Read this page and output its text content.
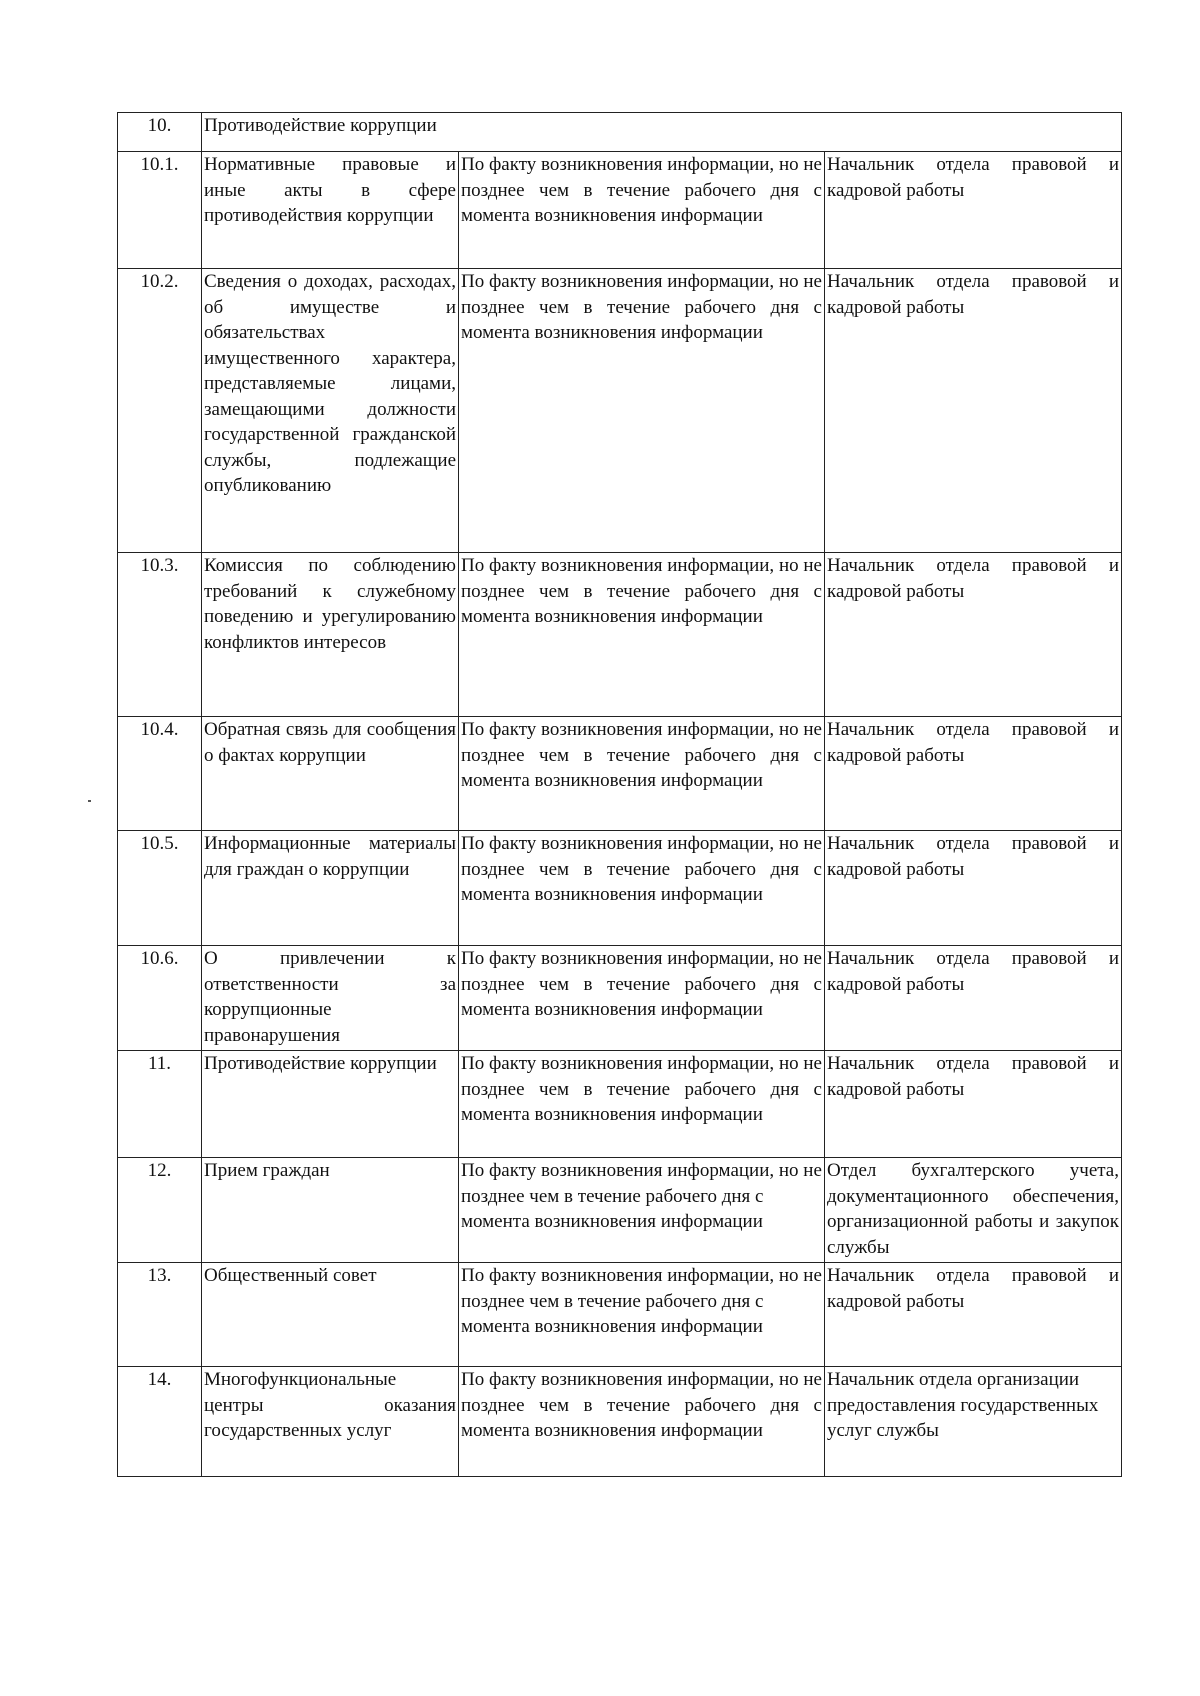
10.	Противодействие коррупции		
10.1.	Нормативные правовые и иные акты в сфере противодействия коррупции	По факту возникновения информации, но не позднее чем в течение рабочего дня с момента возникновения информации	Начальник отдела правовой и кадровой работы
10.2.	Сведения о доходах, расходах, об имуществе и обязательствах имущественного характера, представляемые лицами, замещающими должности государственной гражданской службы, подлежащие опубликованию	По факту возникновения информации, но не позднее чем в течение рабочего дня с момента возникновения информации	Начальник отдела правовой и кадровой работы
10.3.	Комиссия по соблюдению требований к служебному поведению и урегулированию конфликтов интересов	По факту возникновения информации, но не позднее чем в течение рабочего дня с момента возникновения информации	Начальник отдела правовой и кадровой работы
10.4.	Обратная связь для сообщения о фактах коррупции	По факту возникновения информации, но не позднее чем в течение рабочего дня с момента возникновения информации	Начальник отдела правовой и кадровой работы
10.5.	Информационные материалы для граждан о коррупции	По факту возникновения информации, но не позднее чем в течение рабочего дня с момента возникновения информации	Начальник отдела правовой и кадровой работы
10.6.	О привлечении к ответственности за коррупционные правонарушения	По факту возникновения информации, но не позднее чем в течение рабочего дня с момента возникновения информации	Начальник отдела правовой и кадровой работы
11.	Противодействие коррупции	По факту возникновения информации, но не позднее чем в течение рабочего дня с момента возникновения информации	Начальник отдела правовой и кадровой работы
12.	Прием граждан	По факту возникновения информации, но не позднее чем в течение рабочего дня с момента возникновения информации	Отдел бухгалтерского учета, документационного обеспечения, организационной работы и закупок службы
13.	Общественный совет	По факту возникновения информации, но не позднее чем в течение рабочего дня с момента возникновения информации	Начальник отдела правовой и кадровой работы
14.	Многофункциональные центры оказания государственных услуг	По факту возникновения информации, но не позднее чем в течение рабочего дня с момента возникновения информации	Начальник отдела организации предоставления государственных услуг службы
